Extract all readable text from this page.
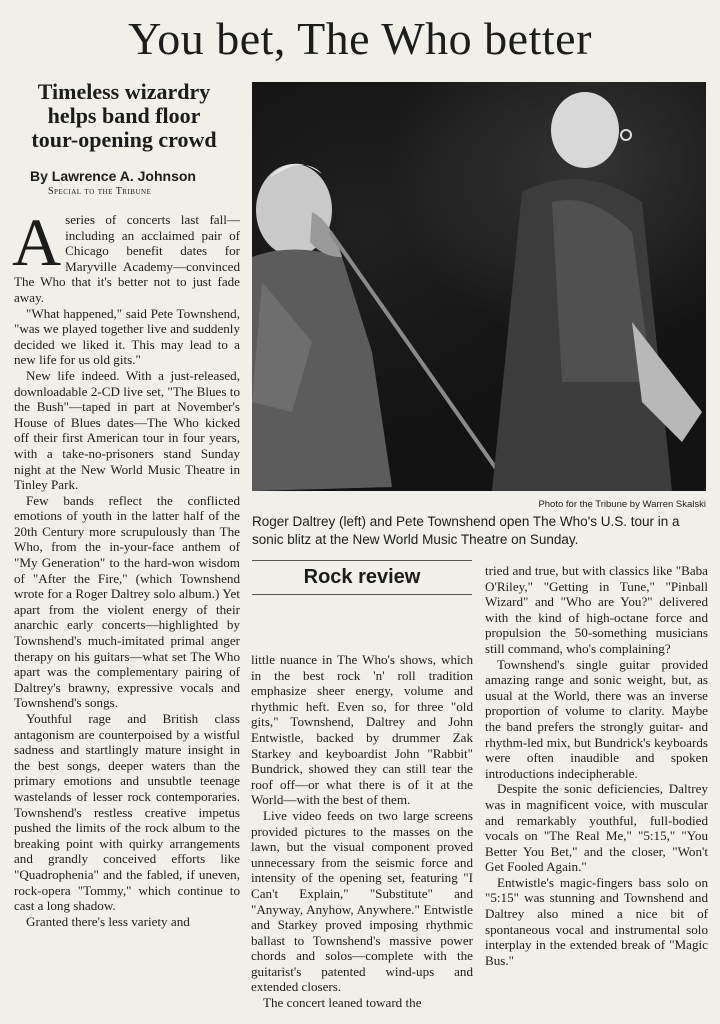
You bet, The Who better
Timeless wizardry helps band floor tour-opening crowd
By Lawrence A. Johnson
Special to the Tribune

Aseries of concerts last fall—including an acclaimed pair of Chicago benefit dates for Maryville Academy—convinced The Who that it's better not to just fade away.

"What happened," said Pete Townshend, "was we played together live and suddenly decided we liked it. This may lead to a new life for us old gits."

New life indeed. With a just-released, downloadable 2-CD live set, "The Blues to the Bush"—taped in part at November's House of Blues dates—The Who kicked off their first American tour in four years, with a take-no-prisoners stand Sunday night at the New World Music Theatre in Tinley Park.

Few bands reflect the conflicted emotions of youth in the latter half of the 20th Century more scrupulously than The Who, from the in-your-face anthem of "My Generation" to the hard-won wisdom of "After the Fire," (which Townshend wrote for a Roger Daltrey solo album.) Yet apart from the violent energy of their anarchic early concerts—highlighted by Townshend's much-imitated primal anger therapy on his guitars—what set The Who apart was the complementary pairing of Daltrey's brawny, expressive vocals and Townshend's songs.

Youthful rage and British class antagonism are counterpoised by a wistful sadness and startlingly mature insight in the best songs, deeper waters than the primary emotions and unsubtle teenage wastelands of lesser rock contemporaries. Townshend's restless creative impetus pushed the limits of the rock album to the breaking point with quirky arrangements and grandly conceived efforts like "Quadrophenia" and the fabled, if uneven, rock-opera "Tommy," which continue to cast a long shadow.

Granted there's less variety and

Photo for the Tribune by Warren Skalski
Roger Daltrey (left) and Pete Townshend open The Who's U.S. tour in a sonic blitz at the New World Music Theatre on Sunday.
Rock review

little nuance in The Who's shows, which in the best rock 'n' roll tradition emphasize sheer energy, volume and rhythmic heft. Even so, for three "old gits," Townshend, Daltrey and John Entwistle, backed by drummer Zak Starkey and keyboardist John "Rabbit" Bundrick, showed they can still tear the roof off—or what there is of it at the World—with the best of them.

Live video feeds on two large screens provided pictures to the masses on the lawn, but the visual component proved unnecessary from the seismic force and intensity of the opening set, featuring "I Can't Explain," "Substitute" and "Anyway, Anyhow, Anywhere." Entwistle and Starkey proved imposing rhythmic ballast to Townshend's massive power chords and solos—complete with the guitarist's patented wind-ups and extended closers.

The concert leaned toward the

tried and true, but with classics like "Baba O'Riley," "Getting in Tune," "Pinball Wizard" and "Who are You?" delivered with the kind of high-octane force and propulsion the 50-something musicians still command, who's complaining?

Townshend's single guitar provided amazing range and sonic weight, but, as usual at the World, there was an inverse proportion of volume to clarity. Maybe the band prefers the strongly guitar- and rhythm-led mix, but Bundrick's keyboards were often inaudible and spoken introductions indecipherable.

Despite the sonic deficiencies, Daltrey was in magnificent voice, with muscular and remarkably youthful, full-bodied vocals on "The Real Me," "5:15," "You Better You Bet," and the closer, "Won't Get Fooled Again."

Entwistle's magic-fingers bass solo on "5:15" was stunning and Townshend and Daltrey also mined a nice bit of spontaneous vocal and instrumental solo interplay in the extended break of "Magic Bus."
